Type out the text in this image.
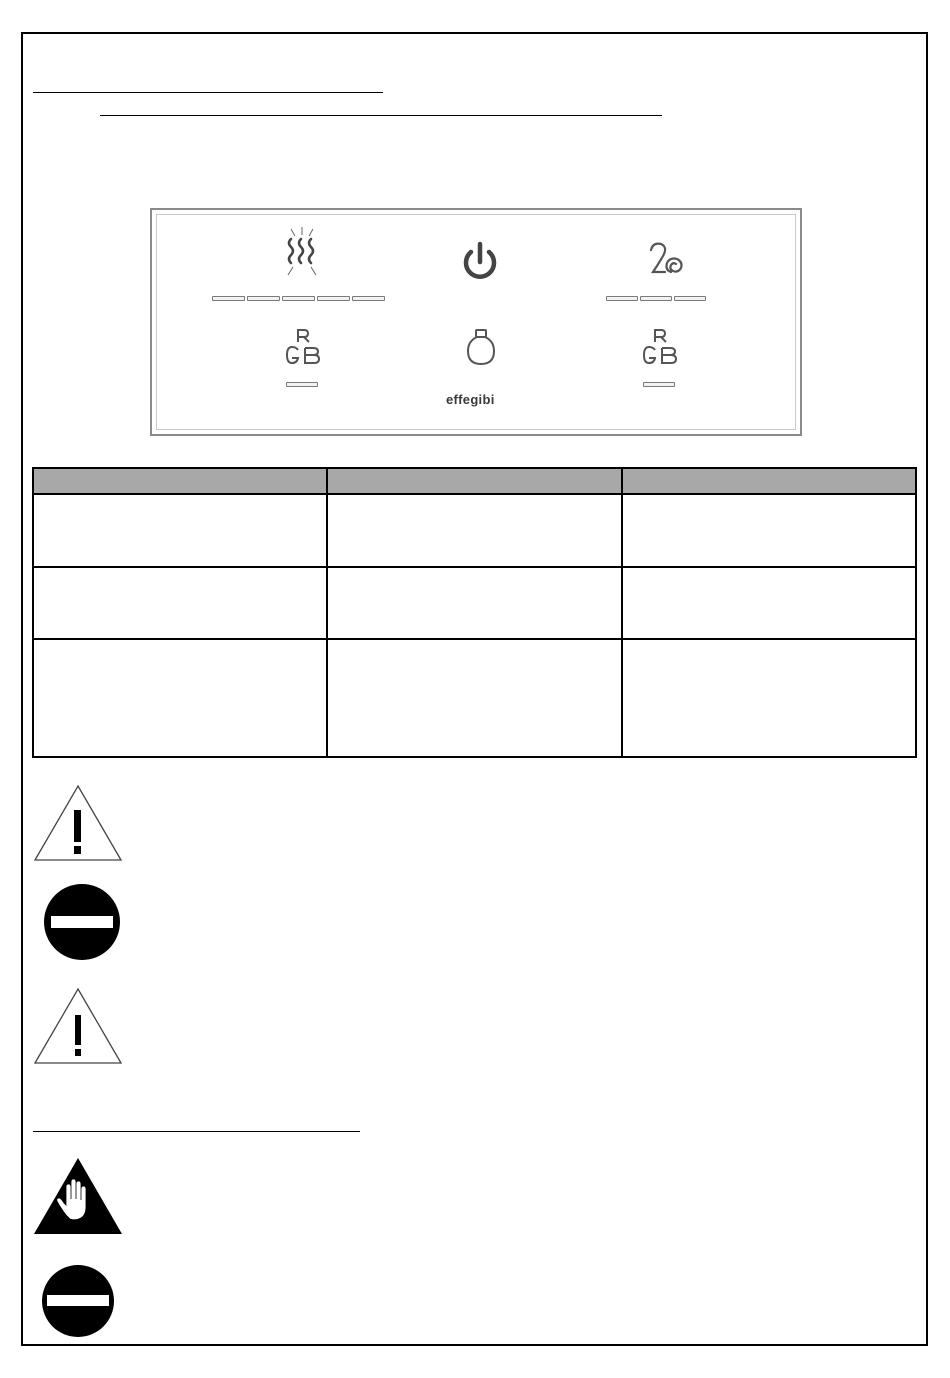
effegibi
